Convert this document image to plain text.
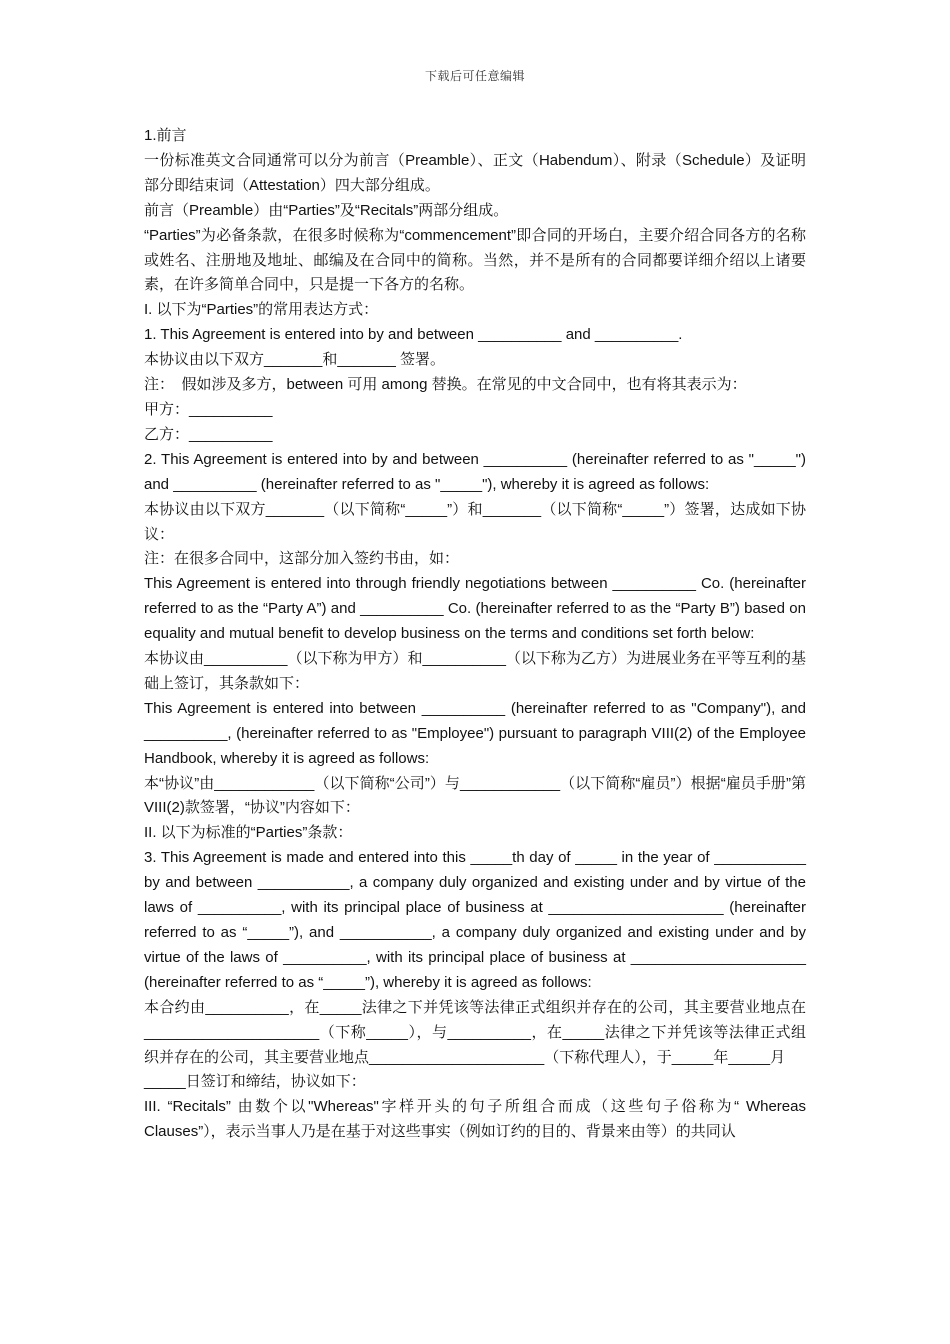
下载后可任意编辑

1.前言

一份标准英文合同通常可以分为前言（Preamble）、正文（Habendum）、附录（Schedule）及证明部分即结束词（Attestation）四大部分组成。

前言（Preamble）由“Parties”及“Recitals”两部分组成。

“Parties”为必备条款，在很多时候称为“commencement”即合同的开场白，主要介绍合同各方的名称或姓名、注册地及地址、邮编及在合同中的简称。当然，并不是所有的合同都要详细介绍以上诸要素，在许多简单合同中，只是提一下各方的名称。

I. 以下为“Parties”的常用表达方式：

1. This Agreement is entered into by and between __________ and __________.

本协议由以下双方_______和_______ 签署。

注：　假如涉及多方，between 可用 among 替换。在常见的中文合同中，也有将其表示为：

甲方：__________

乙方：__________

2. This Agreement is entered into by and between __________ (hereinafter referred to as "_____") and __________ (hereinafter referred to as "_____"), whereby it is agreed as follows:

本协议由以下双方_______（以下简称“_____”）和_______（以下简称“_____”）签署，达成如下协议：

注：在很多合同中，这部分加入签约书由，如：

This Agreement is entered into through friendly negotiations between __________ Co. (hereinafter referred to as the “Party A”) and __________ Co. (hereinafter referred to as the “Party B”) based on equality and mutual benefit to develop business on the terms and conditions set forth below:

本协议由__________（以下称为甲方）和__________（以下称为乙方）为进展业务在平等互利的基础上签订，其条款如下：

This Agreement is entered into between __________ (hereinafter referred to as "Company"), and __________, (hereinafter referred to as "Employee") pursuant to paragraph VIII(2) of the Employee Handbook, whereby it is agreed as follows:

本“协议”由____________（以下简称“公司”）与____________（以下简称“雇员”）根据“雇员手册”第VIII(2)款签署，“协议”内容如下：

II. 以下为标准的“Parties”条款：

3. This Agreement is made and entered into this _____th day of _____ in the year of ___________ by and between ___________, a company duly organized and existing under and by virtue of the laws of __________, with its principal place of business at _____________________ (hereinafter referred to as “_____”), and ___________, a company duly organized and existing under and by virtue of the laws of __________, with its principal place of business at _____________________ (hereinafter referred to as “_____”), whereby it is agreed as follows:

本合约由__________，在_____法律之下并凭该等法律正式组织并存在的公司，其主要营业地点在_____________________（下称_____），与__________，在_____法律之下并凭该等法律正式组织并存在的公司，其主要营业地点_____________________（下称代理人），于_____年_____月

_____日签订和缔结，协议如下：

III. “Recitals” 由数个以"Whereas"字样开头的句子所组合而成（这些句子俗称为“ Whereas Clauses”），表示当事人乃是在基于对这些事实（例如订约的目的、背景来由等）的共同认
